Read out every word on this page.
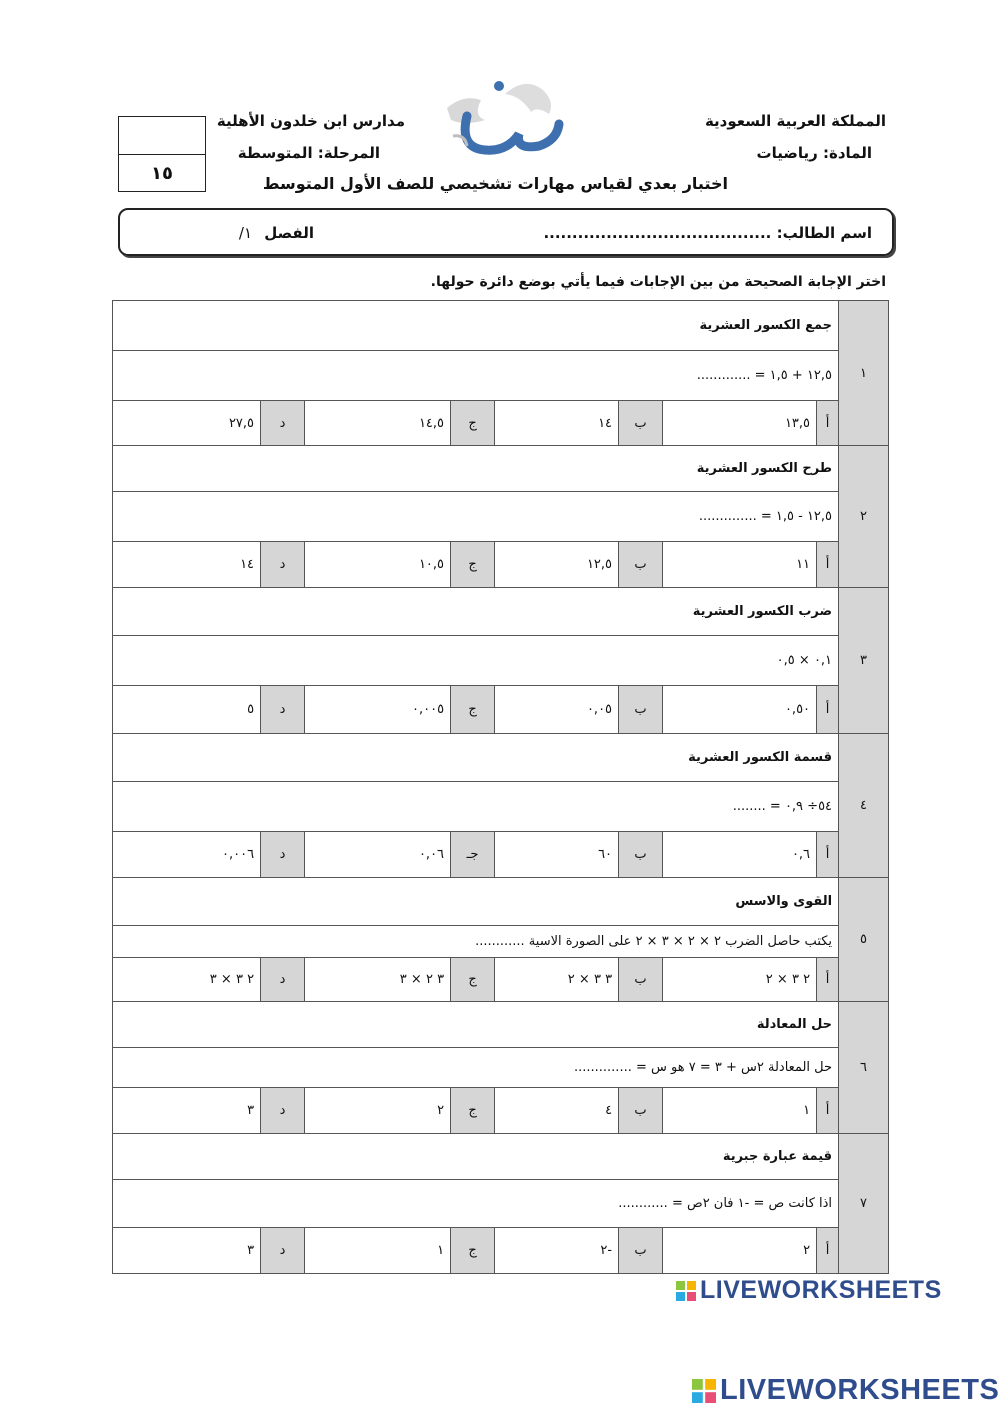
المملكة العربية السعودية
المادة: رياضيات
مدارس ابن خلدون الأهلية
المرحلة: المتوسطة
اختبار بعدي لقياس مهارات تشخيصي للصف الأول المتوسط
١٥
اسم الطالب: ........................................
الفصل
١/
اختر الإجابة الصحيحة من بين الإجابات فيما يأتي بوضع دائرة حولها.
١	جمع الكسور العشرية							
	١٢,٥ + ١,٥ = .............							
	أ	١٣,٥	ب	١٤	ج	١٤,٥	د	٢٧,٥
٢	طرح الكسور العشرية							
	١٢,٥ - ١,٥ = ..............							
	أ	١١	ب	١٢,٥	ج	١٠,٥	د	١٤
٣	ضرب الكسور العشرية							
	٠,١ × ٠,٥							
	أ	٠,٥٠	ب	٠,٠٥	ج	٠,٠٠٥	د	٥
٤	قسمة الكسور العشرية							
	٥٤÷ ٠,٩ = ........							
	أ	٠,٦	ب	٦٠	جـ	٠,٠٦	د	٠,٠٠٦
٥	القوى والاسس							
	يكتب حاصل الضرب ٢ × ٢ × ٣ × ٢ على الصورة الاسية ............							
	أ	٢ ٣ × ٢	ب	٣ ٣ × ٢	ج	٣ ٢ × ٣	د	٢ ٣ × ٣
٦	حل المعادلة							
	حل المعادلة ٢س + ٣ = ٧ هو س = ..............							
	أ	١	ب	٤	ج	٢	د	٣
٧	قيمة عبارة جبرية							
	اذا كانت ص = -١ فان ٢ص = ............							
	أ	٢	ب	-٢	ج	١	د	٣
LIVEWORKSHEETS
LIVEWORKSHEETS
